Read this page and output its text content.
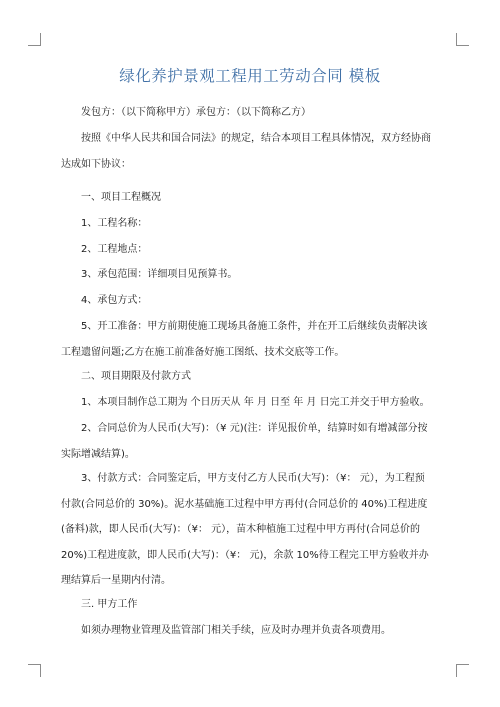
绿化养护景观工程用工劳动合同 模板
发包方：（以下简称甲方）承包方：（以下简称乙方）
按照《中华人民共和国合同法》的规定，结合本项目工程具体情况，双方经协商
达成如下协议：
一、项目工程概况
1、工程名称：
2、工程地点：
3、承包范围：详细项目见预算书。
4、承包方式：
5、开工准备：甲方前期使施工现场具备施工条件，并在开工后继续负责解决该
工程遗留问题;乙方在施工前准备好施工图纸、技术交底等工作。
二、项目期限及付款方式
1、本项目制作总工期为 个日历天从 年 月 日至 年 月 日完工并交于甲方验收。
2、合同总价为人民币(大写)：（¥ 元)(注：详见报价单，结算时如有增减部分按
实际增减结算)。
3、付款方式：合同鉴定后，甲方支付乙方人民币(大写)：（¥： 元），为工程预
付款(合同总价的 30%)。泥水基础施工过程中甲方再付(合同总价的 40%)工程进度
(备料)款，即人民币(大写)：（¥： 元），苗木种植施工过程中甲方再付(合同总价的
20%)工程进度款，即人民币(大写)：（¥： 元)，余款 10%待工程完工甲方验收并办
理结算后一星期内付清。
三. 甲方工作
如须办理物业管理及监管部门相关手续，应及时办理并负责各项费用。
